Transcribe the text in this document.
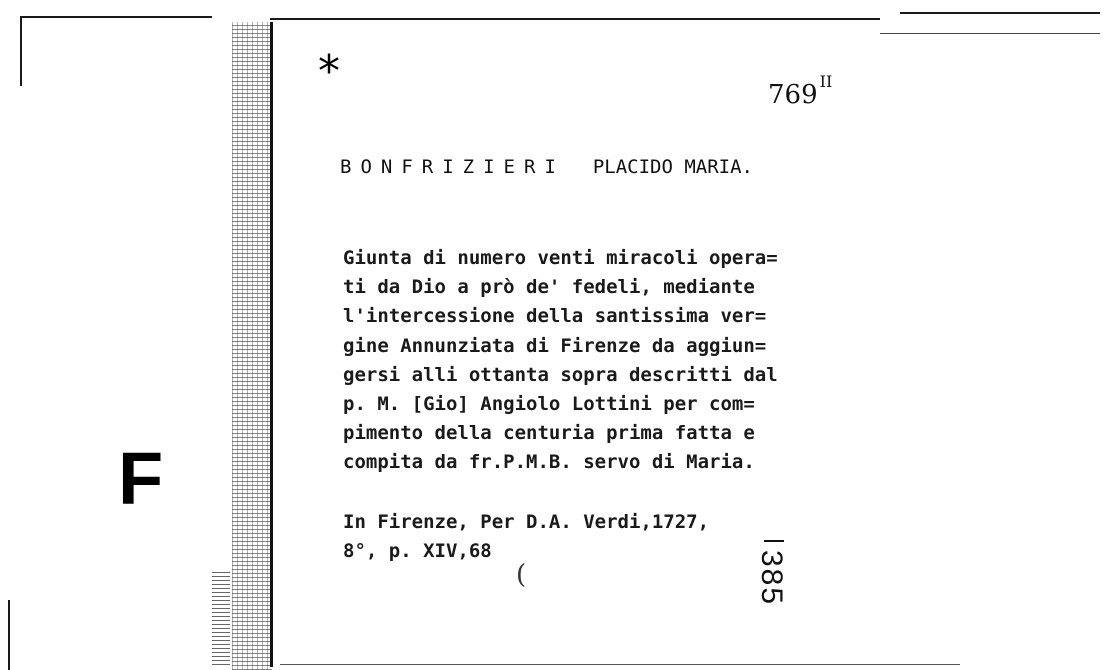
F
*	769 $^{II}$
BONFRIZIERI PLACIDO MARIA.
Giunta di numero venti miracoli opera=
ti da Dio a prò de' fedeli, mediante
l'intercessione della santissima ver=
gine Annunziata di Firenze da aggiun=
gersi alli ottanta sopra descritti dal
p. M. [Gio] Angiolo Lottini per com=
pimento della centuria prima fatta e
compita da fr.P.M.B. servo di Maria.
In Firenze, Per D.A. Verdi,1727,
8°, p. XIV,68
(	385
